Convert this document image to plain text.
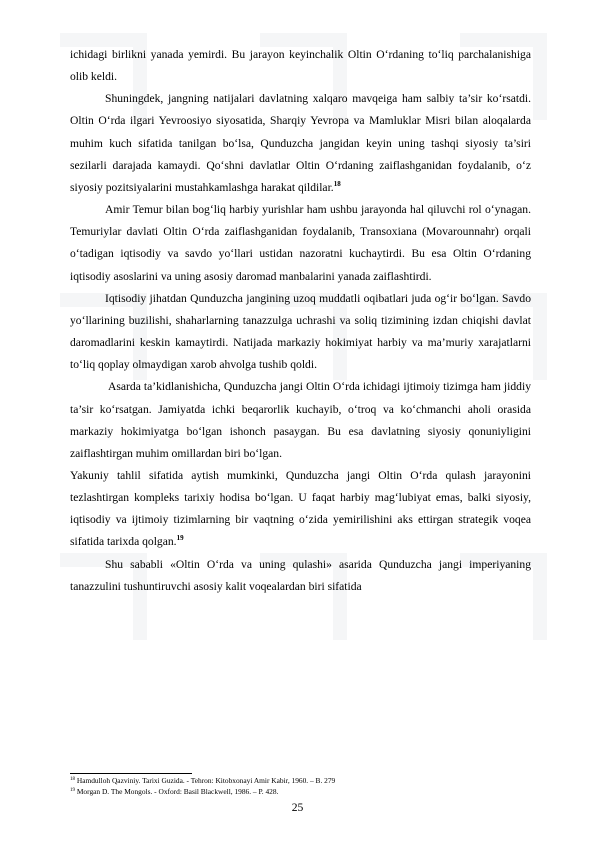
ichidagi birlikni yanada yemirdi. Bu jarayon keyinchalik Oltin O‘rdaning to‘liq parchalanishiga olib keldi.

Shuningdek, jangning natijalari davlatning xalqaro mavqeiga ham salbiy ta’sir ko‘rsatdi. Oltin O‘rda ilgari Yevroosiyo siyosatida, Sharqiy Yevropa va Mamluklar Misri bilan aloqalarda muhim kuch sifatida tanilgan bo‘lsa, Qunduzcha jangidan keyin uning tashqi siyosiy ta’siri sezilarli darajada kamaydi. Qo‘shni davlatlar Oltin O‘rdaning zaiflashganidan foydalanib, o‘z siyosiy pozitsiyalarini mustahkamlashga harakat qildilar.$^{18}$

Amir Temur bilan bog‘liq harbiy yurishlar ham ushbu jarayonda hal qiluvchi rol o‘ynagan. Temuriylar davlati Oltin O‘rda zaiflashganidan foydalanib, Transoxiana (Movarounnahr) orqali o‘tadigan iqtisodiy va savdo yo‘llari ustidan nazoratni kuchaytirdi. Bu esa Oltin O‘rdaning iqtisodiy asoslarini va uning asosiy daromad manbalarini yanada zaiflashtirdi.

Iqtisodiy jihatdan Qunduzcha jangining uzoq muddatli oqibatlari juda og‘ir bo‘lgan. Savdo yo‘llarining buzilishi, shaharlarning tanazzulga uchrashi va soliq tizimining izdan chiqishi davlat daromadlarini keskin kamaytirdi. Natijada markaziy hokimiyat harbiy va ma’muriy xarajatlarni to‘liq qoplay olmaydigan xarob ahvolga tushib qoldi.

Asarda ta’kidlanishicha, Qunduzcha jangi Oltin O‘rda ichidagi ijtimoiy tizimga ham jiddiy ta’sir ko‘rsatgan. Jamiyatda ichki beqarorlik kuchayib, o‘troq va ko‘chmanchi aholi orasida markaziy hokimiyatga bo‘lgan ishonch pasaygan. Bu esa davlatning siyosiy qonuniyligini zaiflashtirgan muhim omillardan biri bo‘lgan.

Yakuniy tahlil sifatida aytish mumkinki, Qunduzcha jangi Oltin O‘rda qulash jarayonini tezlashtirgan kompleks tarixiy hodisa bo‘lgan. U faqat harbiy mag‘lubiyat emas, balki siyosiy, iqtisodiy va ijtimoiy tizimlarning bir vaqtning o‘zida yemirilishini aks ettirgan strategik voqea sifatida tarixda qolgan.$^{19}$

Shu sababli «Oltin O‘rda va uning qulashi» asarida Qunduzcha jangi imperiyaning tanazzulini tushuntiruvchi asosiy kalit voqealardan biri sifatida

$^{18}$ Hamdulloh Qazviniy. Tarixi Guzida. - Tehron: Kitobxonayi Amir Kabir, 1960. – B. 279
$^{19}$ Morgan D. The Mongols. - Oxford: Basil Blackwell, 1986. – P. 428.
25
